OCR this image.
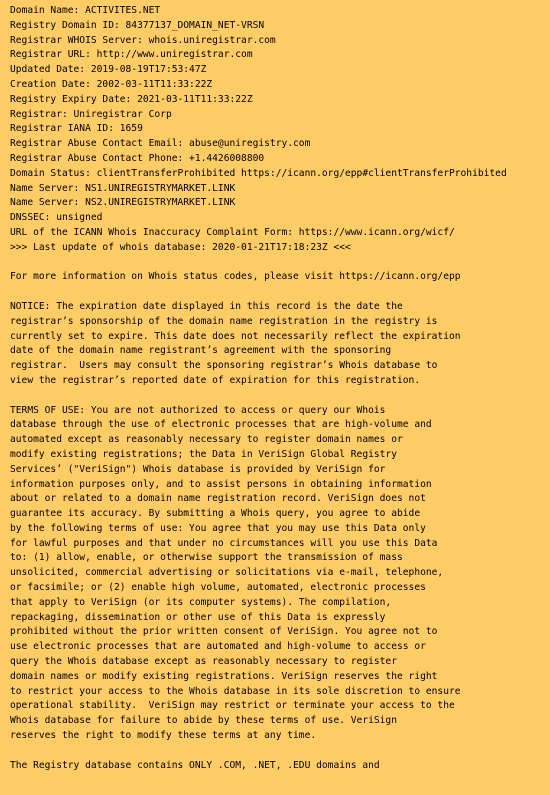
Domain Name: ACTIVITES.NET
Registry Domain ID: 84377137_DOMAIN_NET-VRSN
Registrar WHOIS Server: whois.uniregistrar.com
Registrar URL: http://www.uniregistrar.com
Updated Date: 2019-08-19T17:53:47Z
Creation Date: 2002-03-11T11:33:22Z
Registry Expiry Date: 2021-03-11T11:33:22Z
Registrar: Uniregistrar Corp
Registrar IANA ID: 1659
Registrar Abuse Contact Email: abuse@uniregistry.com
Registrar Abuse Contact Phone: +1.4426008800
Domain Status: clientTransferProhibited https://icann.org/epp#clientTransferProhibited
Name Server: NS1.UNIREGISTRYMARKET.LINK
Name Server: NS2.UNIREGISTRYMARKET.LINK
DNSSEC: unsigned
URL of the ICANN Whois Inaccuracy Complaint Form: https://www.icann.org/wicf/
>>> Last update of whois database: 2020-01-21T17:18:23Z <<<
For more information on Whois status codes, please visit https://icann.org/epp
NOTICE: The expiration date displayed in this record is the date the
registrar’s sponsorship of the domain name registration in the registry is
currently set to expire. This date does not necessarily reflect the expiration
date of the domain name registrant’s agreement with the sponsoring
registrar.  Users may consult the sponsoring registrar’s Whois database to
view the registrar’s reported date of expiration for this registration.
TERMS OF USE: You are not authorized to access or query our Whois
database through the use of electronic processes that are high-volume and
automated except as reasonably necessary to register domain names or
modify existing registrations; the Data in VeriSign Global Registry
Services’ ("VeriSign") Whois database is provided by VeriSign for
information purposes only, and to assist persons in obtaining information
about or related to a domain name registration record. VeriSign does not
guarantee its accuracy. By submitting a Whois query, you agree to abide
by the following terms of use: You agree that you may use this Data only
for lawful purposes and that under no circumstances will you use this Data
to: (1) allow, enable, or otherwise support the transmission of mass
unsolicited, commercial advertising or solicitations via e-mail, telephone,
or facsimile; or (2) enable high volume, automated, electronic processes
that apply to VeriSign (or its computer systems). The compilation,
repackaging, dissemination or other use of this Data is expressly
prohibited without the prior written consent of VeriSign. You agree not to
use electronic processes that are automated and high-volume to access or
query the Whois database except as reasonably necessary to register
domain names or modify existing registrations. VeriSign reserves the right
to restrict your access to the Whois database in its sole discretion to ensure
operational stability.  VeriSign may restrict or terminate your access to the
Whois database for failure to abide by these terms of use. VeriSign
reserves the right to modify these terms at any time.
The Registry database contains ONLY .COM, .NET, .EDU domains and
